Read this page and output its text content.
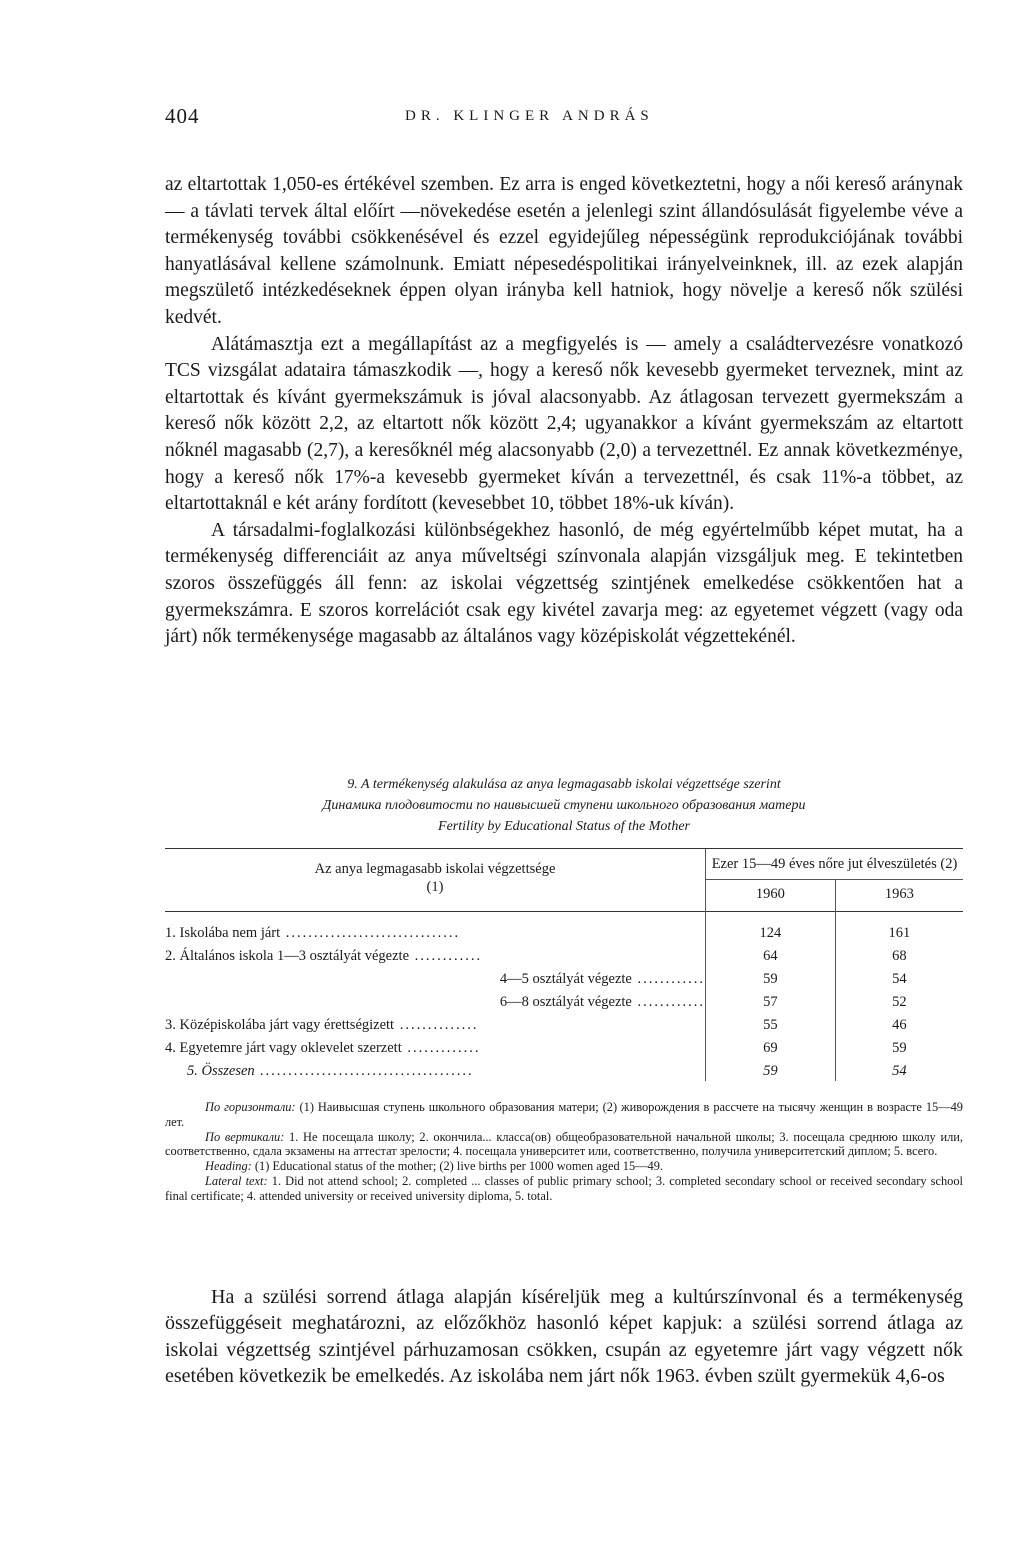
404	DR. KLINGER ANDRÁS

az eltartottak 1,050-es értékével szemben. Ez arra is enged következtetni, hogy a női kereső aránynak — a távlati tervek által előírt —növekedése esetén a jelenlegi szint állandósulását figyelembe véve a termékenység további csökkenésével és ezzel egyidejűleg népességünk reprodukciójának további hanyatlásával kellene számolnunk. Emiatt népesedéspolitikai irányelveinknek, ill. az ezek alapján megszülető intézkedéseknek éppen olyan irányba kell hatniok, hogy növelje a kereső nők szülési kedvét.

Alátámasztja ezt a megállapítást az a megfigyelés is — amely a családtervezésre vonatkozó TCS vizsgálat adataira támaszkodik —, hogy a kereső nők kevesebb gyermeket terveznek, mint az eltartottak és kívánt gyermekszámuk is jóval alacsonyabb. Az átlagosan tervezett gyermekszám a kereső nők között 2,2, az eltartott nők között 2,4; ugyanakkor a kívánt gyermekszám az eltartott nőknél magasabb (2,7), a keresőknél még alacsonyabb (2,0) a tervezettnél. Ez annak következménye, hogy a kereső nők 17%-a kevesebb gyermeket kíván a tervezettnél, és csak 11%-a többet, az eltartottaknál e két arány fordított (kevesebbet 10, többet 18%-uk kíván).

A társadalmi-foglalkozási különbségekhez hasonló, de még egyértelműbb képet mutat, ha a termékenység differenciáit az anya műveltségi színvonala alapján vizsgáljuk meg. E tekintetben szoros összefüggés áll fenn: az iskolai végzettség szintjének emelkedése csökkentően hat a gyermekszámra. E szoros korrelációt csak egy kivétel zavarja meg: az egyetemet végzett (vagy oda járt) nők termékenysége magasabb az általános vagy középiskolát végzettekénél.

9. A termékenység alakulása az anya legmagasabb iskolai végzettsége szerint
Динамика плодовитости по наивысшей ступени школьного образования матери
Fertility by Educational Status of the Mother

Az anya legmagasabb iskolai végzettsége
(1)	Ezer 15—49 éves nőre jut élveszületés (2)	
	1960	1963

1. Iskolába nem járt ...............................	124	161
2. Általános iskola 1—3 osztályát végezte ............	64	68
4—5 osztályát végezte ............	59	54
6—8 osztályát végezte ............	57	52
3. Középiskolába járt vagy érettségizett ..............	55	46
4. Egyetemre járt vagy oklevelet szerzett .............	69	59
5. Összesen ......................................	59	54

По горизонтали: (1) Наивысшая ступень школьного образования матери; (2) живорождения в рассчете на тысячу женщин в возрасте 15—49 лет.

По вертикали: 1. Не посещала школу; 2. окончила... класса(ов) общеобразовательной начальной школы; 3. посещала среднюю школу или, соответственно, сдала экзамены на аттестат зрелости; 4. посещала университет или, соответственно, получила университетский диплом; 5. всего.

Heading: (1) Educational status of the mother; (2) live births per 1000 women aged 15—49.

Lateral text: 1. Did not attend school; 2. completed ... classes of public primary school; 3. completed secondary school or received secondary school final certificate; 4. attended university or received university diploma, 5. total.

Ha a szülési sorrend átlaga alapján kíséreljük meg a kultúrszínvonal és a termékenység összefüggéseit meghatározni, az előzőkhöz hasonló képet kapjuk: a szülési sorrend átlaga az iskolai végzettség szintjével párhuzamosan csökken, csupán az egyetemre járt vagy végzett nők esetében következik be emelkedés. Az iskolába nem járt nők 1963. évben szült gyermekük 4,6-os
